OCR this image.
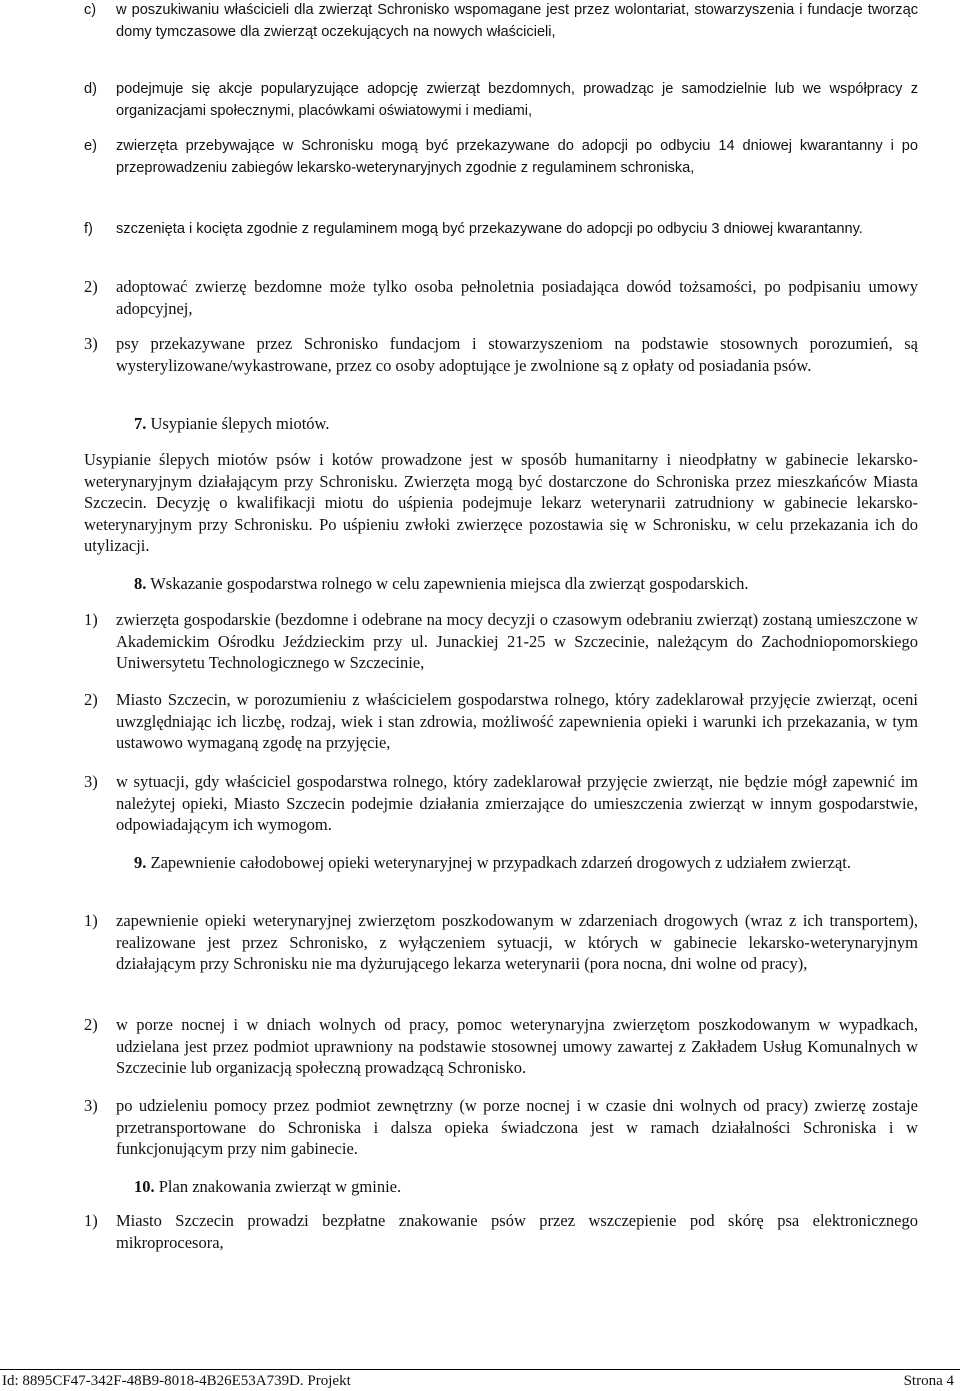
c) w poszukiwaniu właścicieli dla zwierząt Schronisko wspomagane jest przez wolontariat, stowarzyszenia i fundacje tworząc domy tymczasowe dla zwierząt oczekujących na nowych właścicieli,
d) podejmuje się akcje popularyzujące adopcję zwierząt bezdomnych, prowadząc je samodzielnie lub we współpracy z organizacjami społecznymi, placówkami oświatowymi i mediami,
e) zwierzęta przebywające w Schronisku mogą być przekazywane do adopcji po odbyciu 14 dniowej kwarantanny i po przeprowadzeniu zabiegów lekarsko-weterynaryjnych zgodnie z regulaminem schroniska,
f) szczenięta i kocięta zgodnie z regulaminem mogą być przekazywane do adopcji po odbyciu 3 dniowej kwarantanny.
2) adoptować zwierzę bezdomne może tylko osoba pełnoletnia posiadająca dowód tożsamości, po podpisaniu umowy adopcyjnej,
3) psy przekazywane przez Schronisko fundacjom i stowarzyszeniom na podstawie stosownych porozumień, są wysterylizowane/wykastrowane, przez co osoby adoptujące je zwolnione są z opłaty od posiadania psów.
7. Usypianie ślepych miotów.
Usypianie ślepych miotów psów i kotów prowadzone jest w sposób humanitarny i nieodpłatny w gabinecie lekarsko-weterynaryjnym działającym przy Schronisku. Zwierzęta mogą być dostarczone do Schroniska przez mieszkańców Miasta Szczecin. Decyzję o kwalifikacji miotu do uśpienia podejmuje lekarz weterynarii zatrudniony w gabinecie lekarsko-weterynaryjnym przy Schronisku. Po uśpieniu zwłoki zwierzęce pozostawia się w Schronisku, w celu przekazania ich do utylizacji.
8. Wskazanie gospodarstwa rolnego w celu zapewnienia miejsca dla zwierząt gospodarskich.
1) zwierzęta gospodarskie (bezdomne i odebrane na mocy decyzji o czasowym odebraniu zwierząt) zostaną umieszczone w Akademickim Ośrodku Jeździeckim przy ul. Junackiej 21-25 w Szczecinie, należącym do Zachodniopomorskiego Uniwersytetu Technologicznego w Szczecinie,
2) Miasto Szczecin, w porozumieniu z właścicielem gospodarstwa rolnego, który zadeklarował przyjęcie zwierząt, oceni uwzględniając ich liczbę, rodzaj, wiek i stan zdrowia, możliwość zapewnienia opieki i warunki ich przekazania, w tym ustawowo wymaganą zgodę na przyjęcie,
3) w sytuacji, gdy właściciel gospodarstwa rolnego, który zadeklarował przyjęcie zwierząt, nie będzie mógł zapewnić im należytej opieki, Miasto Szczecin podejmie działania zmierzające do umieszczenia zwierząt w innym gospodarstwie, odpowiadającym ich wymogom.
9. Zapewnienie całodobowej opieki weterynaryjnej w przypadkach zdarzeń drogowych z udziałem zwierząt.
1) zapewnienie opieki weterynaryjnej zwierzętom poszkodowanym w zdarzeniach drogowych (wraz z ich transportem), realizowane jest przez Schronisko, z wyłączeniem sytuacji, w których w gabinecie lekarsko-weterynaryjnym działającym przy Schronisku nie ma dyżurującego lekarza weterynarii (pora nocna, dni wolne od pracy),
2) w porze nocnej i w dniach wolnych od pracy, pomoc weterynaryjna zwierzętom poszkodowanym w wypadkach, udzielana jest przez podmiot uprawniony na podstawie stosownej umowy zawartej z Zakładem Usług Komunalnych w Szczecinie lub organizacją społeczną prowadzącą Schronisko.
3) po udzieleniu pomocy przez podmiot zewnętrzny (w porze nocnej i w czasie dni wolnych od pracy) zwierzę zostaje przetransportowane do Schroniska i dalsza opieka świadczona jest w ramach działalności Schroniska i w funkcjonującym przy nim gabinecie.
10. Plan znakowania zwierząt w gminie.
1) Miasto Szczecin prowadzi bezpłatne znakowanie psów przez wszczepienie pod skórę psa elektronicznego mikroprocesora,
Id: 8895CF47-342F-48B9-8018-4B26E53A739D. Projekt	Strona 4
